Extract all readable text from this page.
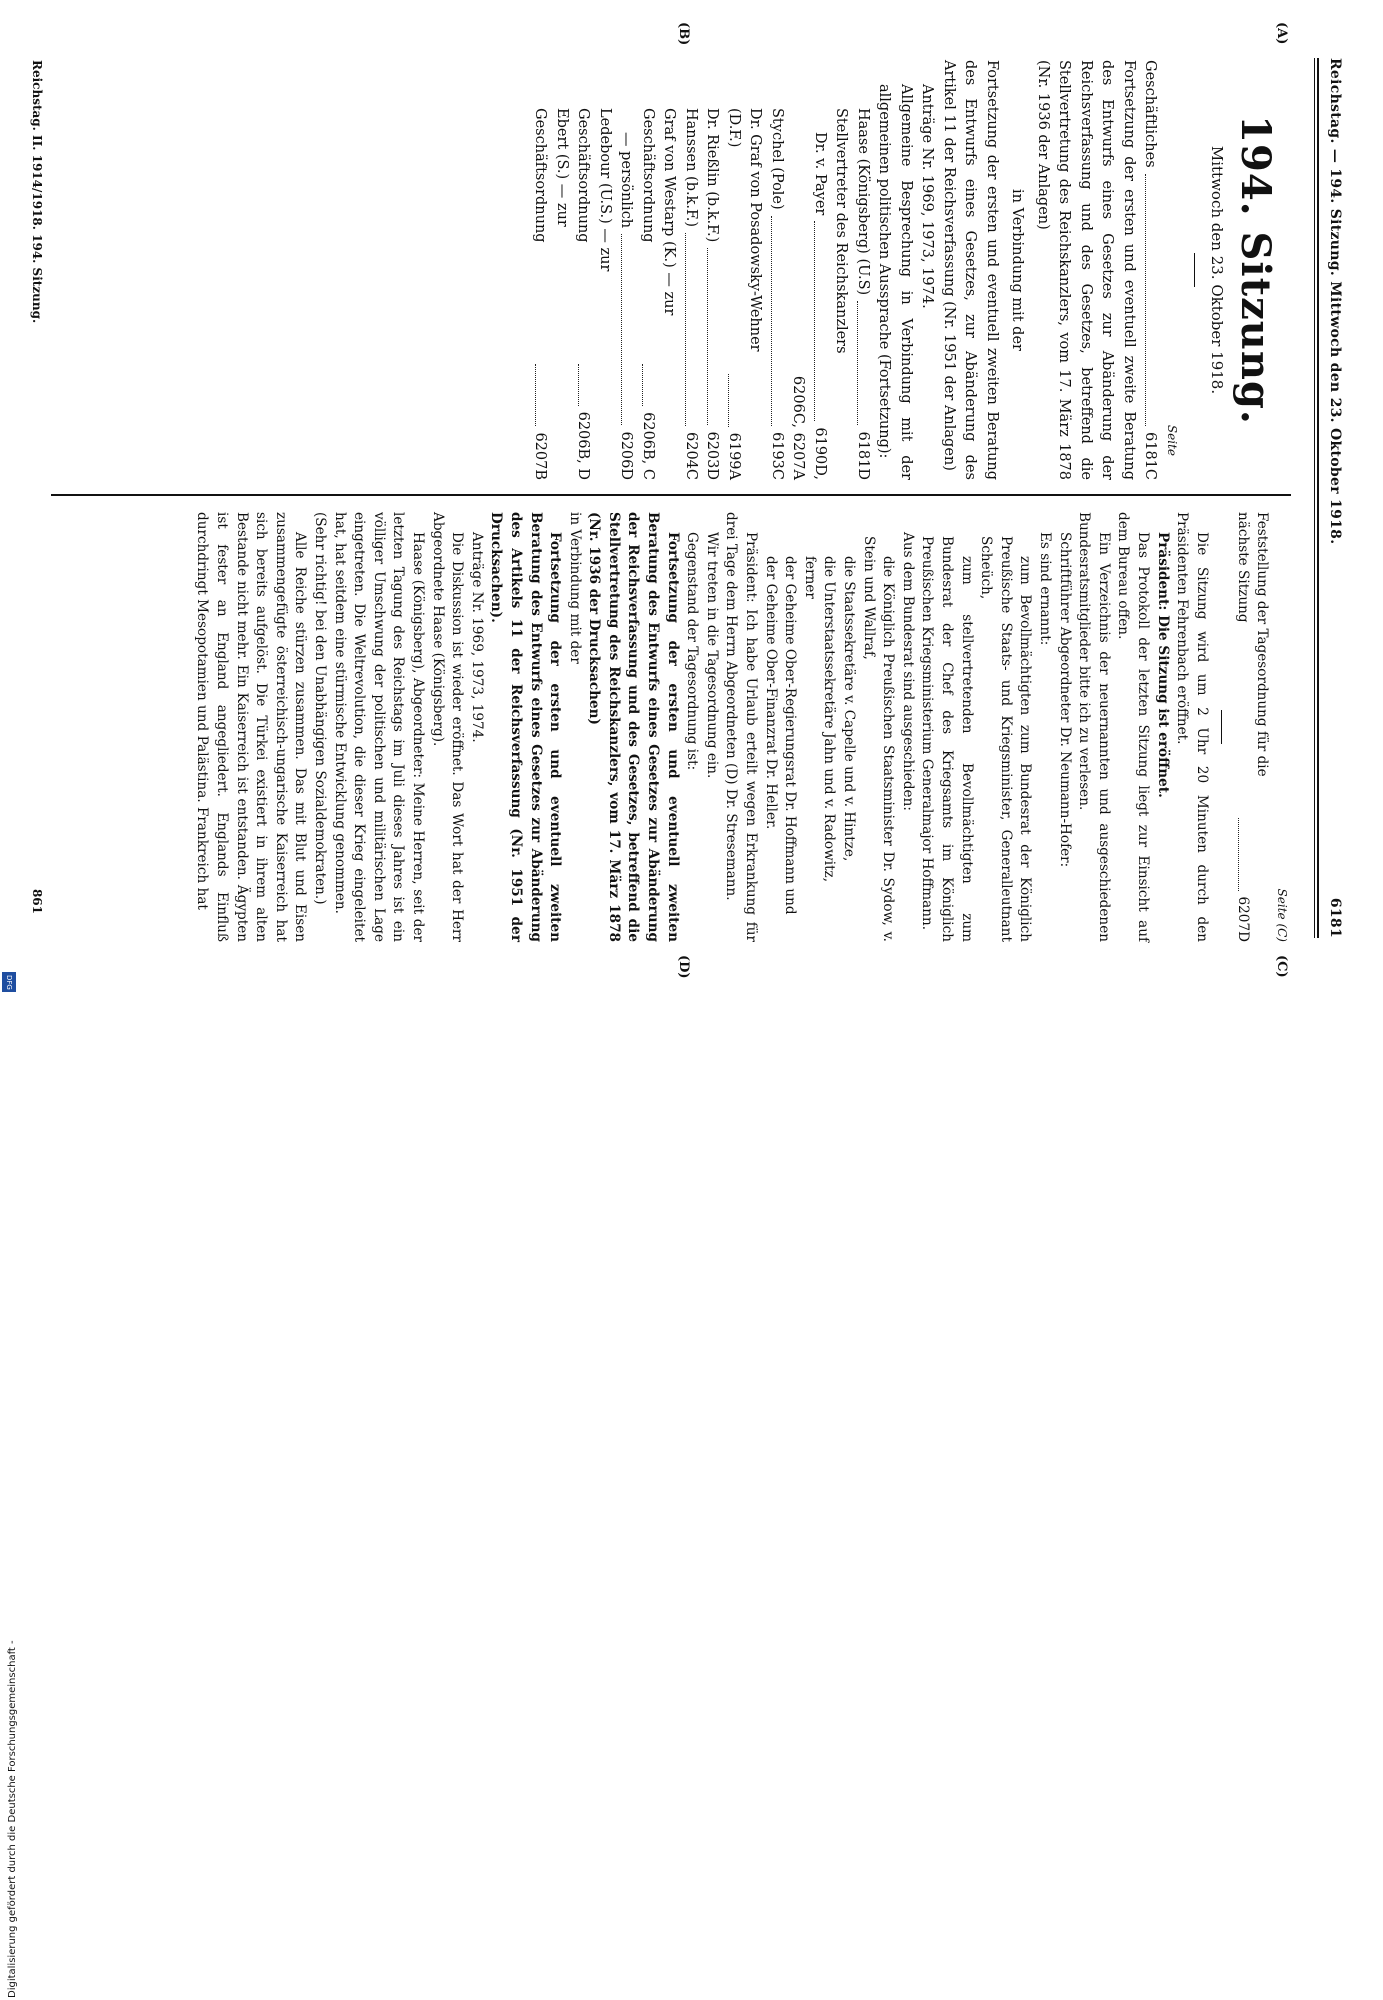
Reichstag. — 194. Sitzung. Mittwoch den 23. Oktober 1918.
6181
(A)
(B)
(C)
(D)
194. Sitzung.
Mittwoch den 23. Oktober 1918.
Seite
Geschäftliches
6181C

Fortsetzung der ersten und eventuell zweite Beratung des Entwurfs eines Gesetzes zur Abänderung der Reichsverfassung und des Gesetzes, betreffend die Stellvertretung des Reichskanzlers, vom 17. März 1878 (Nr. 1936 der Anlagen)

in Verbindung mit der

Fortsetzung der ersten und eventuell zweiten Beratung des Entwurfs eines Gesetzes, zur Abänderung des Artikel 11 der Reichsverfassung (Nr. 1951 der Anlagen)

Anträge Nr. 1969, 1973, 1974.
Allgemeine Besprechung in Verbindung mit der allgemeinen politischen Aussprache (Fortsetzung):
Haase (Königsberg) (U.S)
6181D
Stellvertreter des Reichskanzlers
Dr. v. Payer
6190D,
6206C, 6207A
Stychel (Pole)
6193C
Dr. Graf von Posadowsky-Wehner (D.F.)
6199A
Dr. Rießlin (b.k.F.)
6203D
Hanssen (b.k.F.)
6204C
Graf von Westarp (K.) — zur Geschäftsordnung
6206B, C
— persönlich
6206D
Ledebour (U.S.) — zur Geschäftsordnung
6206B, D
Ebert (S.) — zur Geschäftsordnung
6207B
Seite (C)
Feststellung der Tagesordnung für die nächste Sitzung
6207D

Die Sitzung wird um 2 Uhr 20 Minuten durch den Präsidenten Fehrenbach eröffnet.

Präsident: Die Sitzung ist eröffnet.

Das Protokoll der letzten Sitzung liegt zur Einsicht auf dem Bureau offen.

Ein Verzeichnis der neuernannten und ausgeschiedenen Bundesratsmitglieder bitte ich zu verlesen.

Schriftführer Abgeordneter Dr. Neumann-Hofer:

Es sind ernannt:

zum Bevollmächtigten zum Bundesrat der Königlich Preußische Staats- und Kriegsminister, Generalleutnant Scheüch,

zum stellvertretenden Bevollmächtigten zum Bundesrat der Chef des Kriegsamts im Königlich Preußischen Kriegsministerium Generalmajor Hoffmann.

Aus dem Bundesrat sind ausgeschieden:

die Königlich Preußischen Staatsminister Dr. Sydow, v. Stein und Wallraf,

die Staatssekretäre v. Capelle und v. Hintze,

die Unterstaatssekretäre Jahn und v. Radowitz,

ferner

der Geheime Ober-Regierungsrat Dr. Hoffmann und

der Geheime Ober-Finanzrat Dr. Heller.

Präsident: Ich habe Urlaub erteilt wegen Erkrankung für drei Tage dem Herrn Abgeordneten (D) Dr. Stresemann.

Wir treten in die Tagesordnung ein.

Gegenstand der Tagesordnung ist:

Fortsetzung der ersten und eventuell zweiten Beratung des Entwurfs eines Gesetzes zur Abänderung der Reichsverfassung und des Gesetzes, betreffend die Stellvertretung des Reichskanzlers, vom 17. März 1878 (Nr. 1936 der Drucksachen)

in Verbindung mit der

Fortsetzung der ersten und eventuell zweiten Beratung des Entwurfs eines Gesetzes zur Abänderung des Artikels 11 der Reichsverfassung (Nr. 1951 der Drucksachen).

Anträge Nr. 1969, 1973, 1974.

Die Diskussion ist wieder eröffnet. Das Wort hat der Herr Abgeordnete Haase (Königsberg).

Haase (Königsberg), Abgeordneter: Meine Herren, seit der letzten Tagung des Reichstags im Juli dieses Jahres ist ein völliger Umschwung der politischen und militärischen Lage eingetreten. Die Weltrevolution, die dieser Krieg eingeleitet hat, hat seitdem eine stürmische Entwicklung genommen.

(Sehr richtig! bei den Unabhängigen Sozialdemokraten.)

Alle Reiche stürzen zusammen. Das mit Blut und Eisen zusammengefügte österreichisch-ungarische Kaiserreich hat sich bereits aufgelöst. Die Türkei existiert in ihrem alten Bestande nicht mehr. Ein Kaiserreich ist entstanden. Ägypten ist fester an England angegliedert. Englands Einfluß durchdringt Mesopotamien und Palästina. Frankreich hat

Reichstag. II. 1914/1918. 194. Sitzung.
861
Digitalisierung gefördert durch die Deutsche Forschungsgemeinschaft -
DFG
